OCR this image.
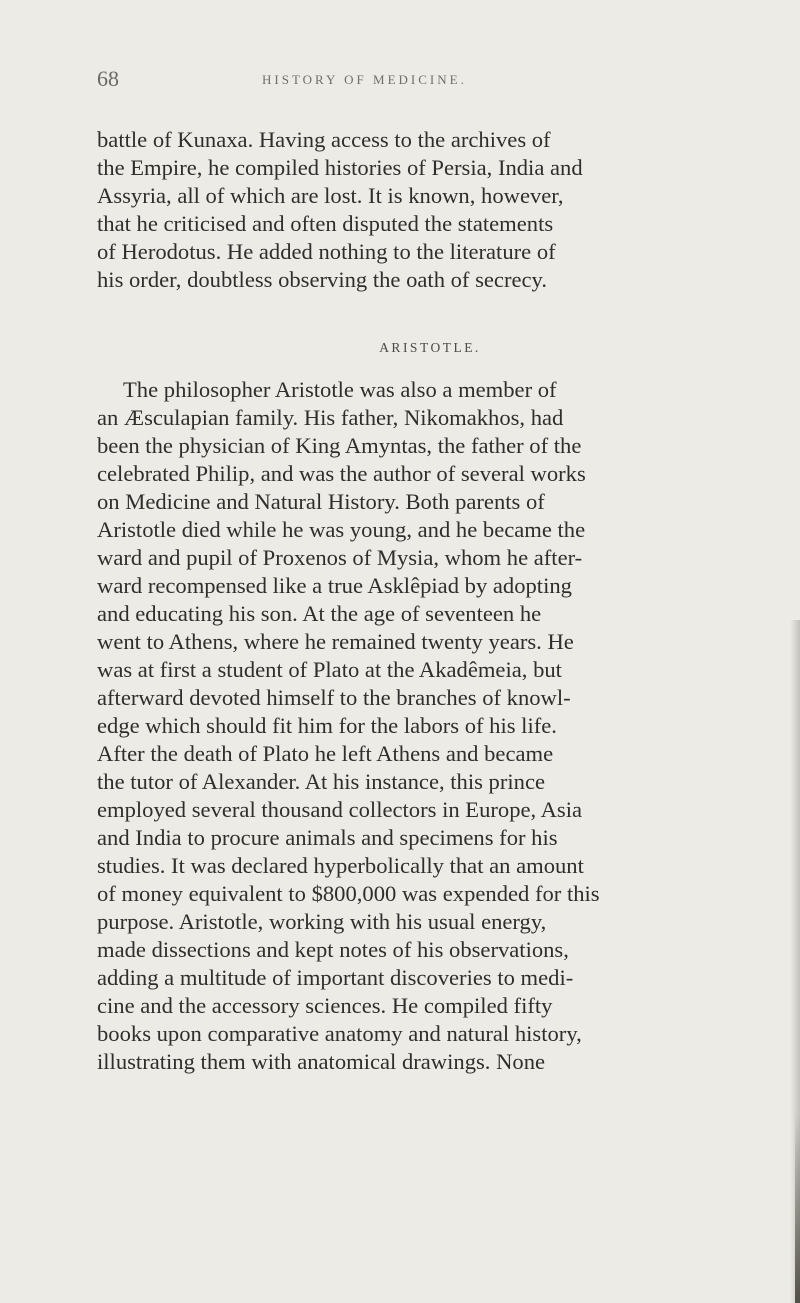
68	HISTORY OF MEDICINE.
battle of Kunaxa. Having access to the archives of
the Empire, he compiled histories of Persia, India and
Assyria, all of which are lost. It is known, however,
that he criticised and often disputed the statements
of Herodotus. He added nothing to the literature of
his order, doubtless observing the oath of secrecy.
ARISTOTLE.
The philosopher Aristotle was also a member of
an Æsculapian family. His father, Nikomakhos, had
been the physician of King Amyntas, the father of the
celebrated Philip, and was the author of several works
on Medicine and Natural History. Both parents of
Aristotle died while he was young, and he became the
ward and pupil of Proxenos of Mysia, whom he after-
ward recompensed like a true Asklêpiad by adopting
and educating his son. At the age of seventeen he
went to Athens, where he remained twenty years. He
was at first a student of Plato at the Akadêmeia, but
afterward devoted himself to the branches of knowl-
edge which should fit him for the labors of his life.
After the death of Plato he left Athens and became
the tutor of Alexander. At his instance, this prince
employed several thousand collectors in Europe, Asia
and India to procure animals and specimens for his
studies. It was declared hyperbolically that an amount
of money equivalent to $800,000 was expended for this
purpose. Aristotle, working with his usual energy,
made dissections and kept notes of his observations,
adding a multitude of important discoveries to medi-
cine and the accessory sciences. He compiled fifty
books upon comparative anatomy and natural history,
illustrating them with anatomical drawings. None
